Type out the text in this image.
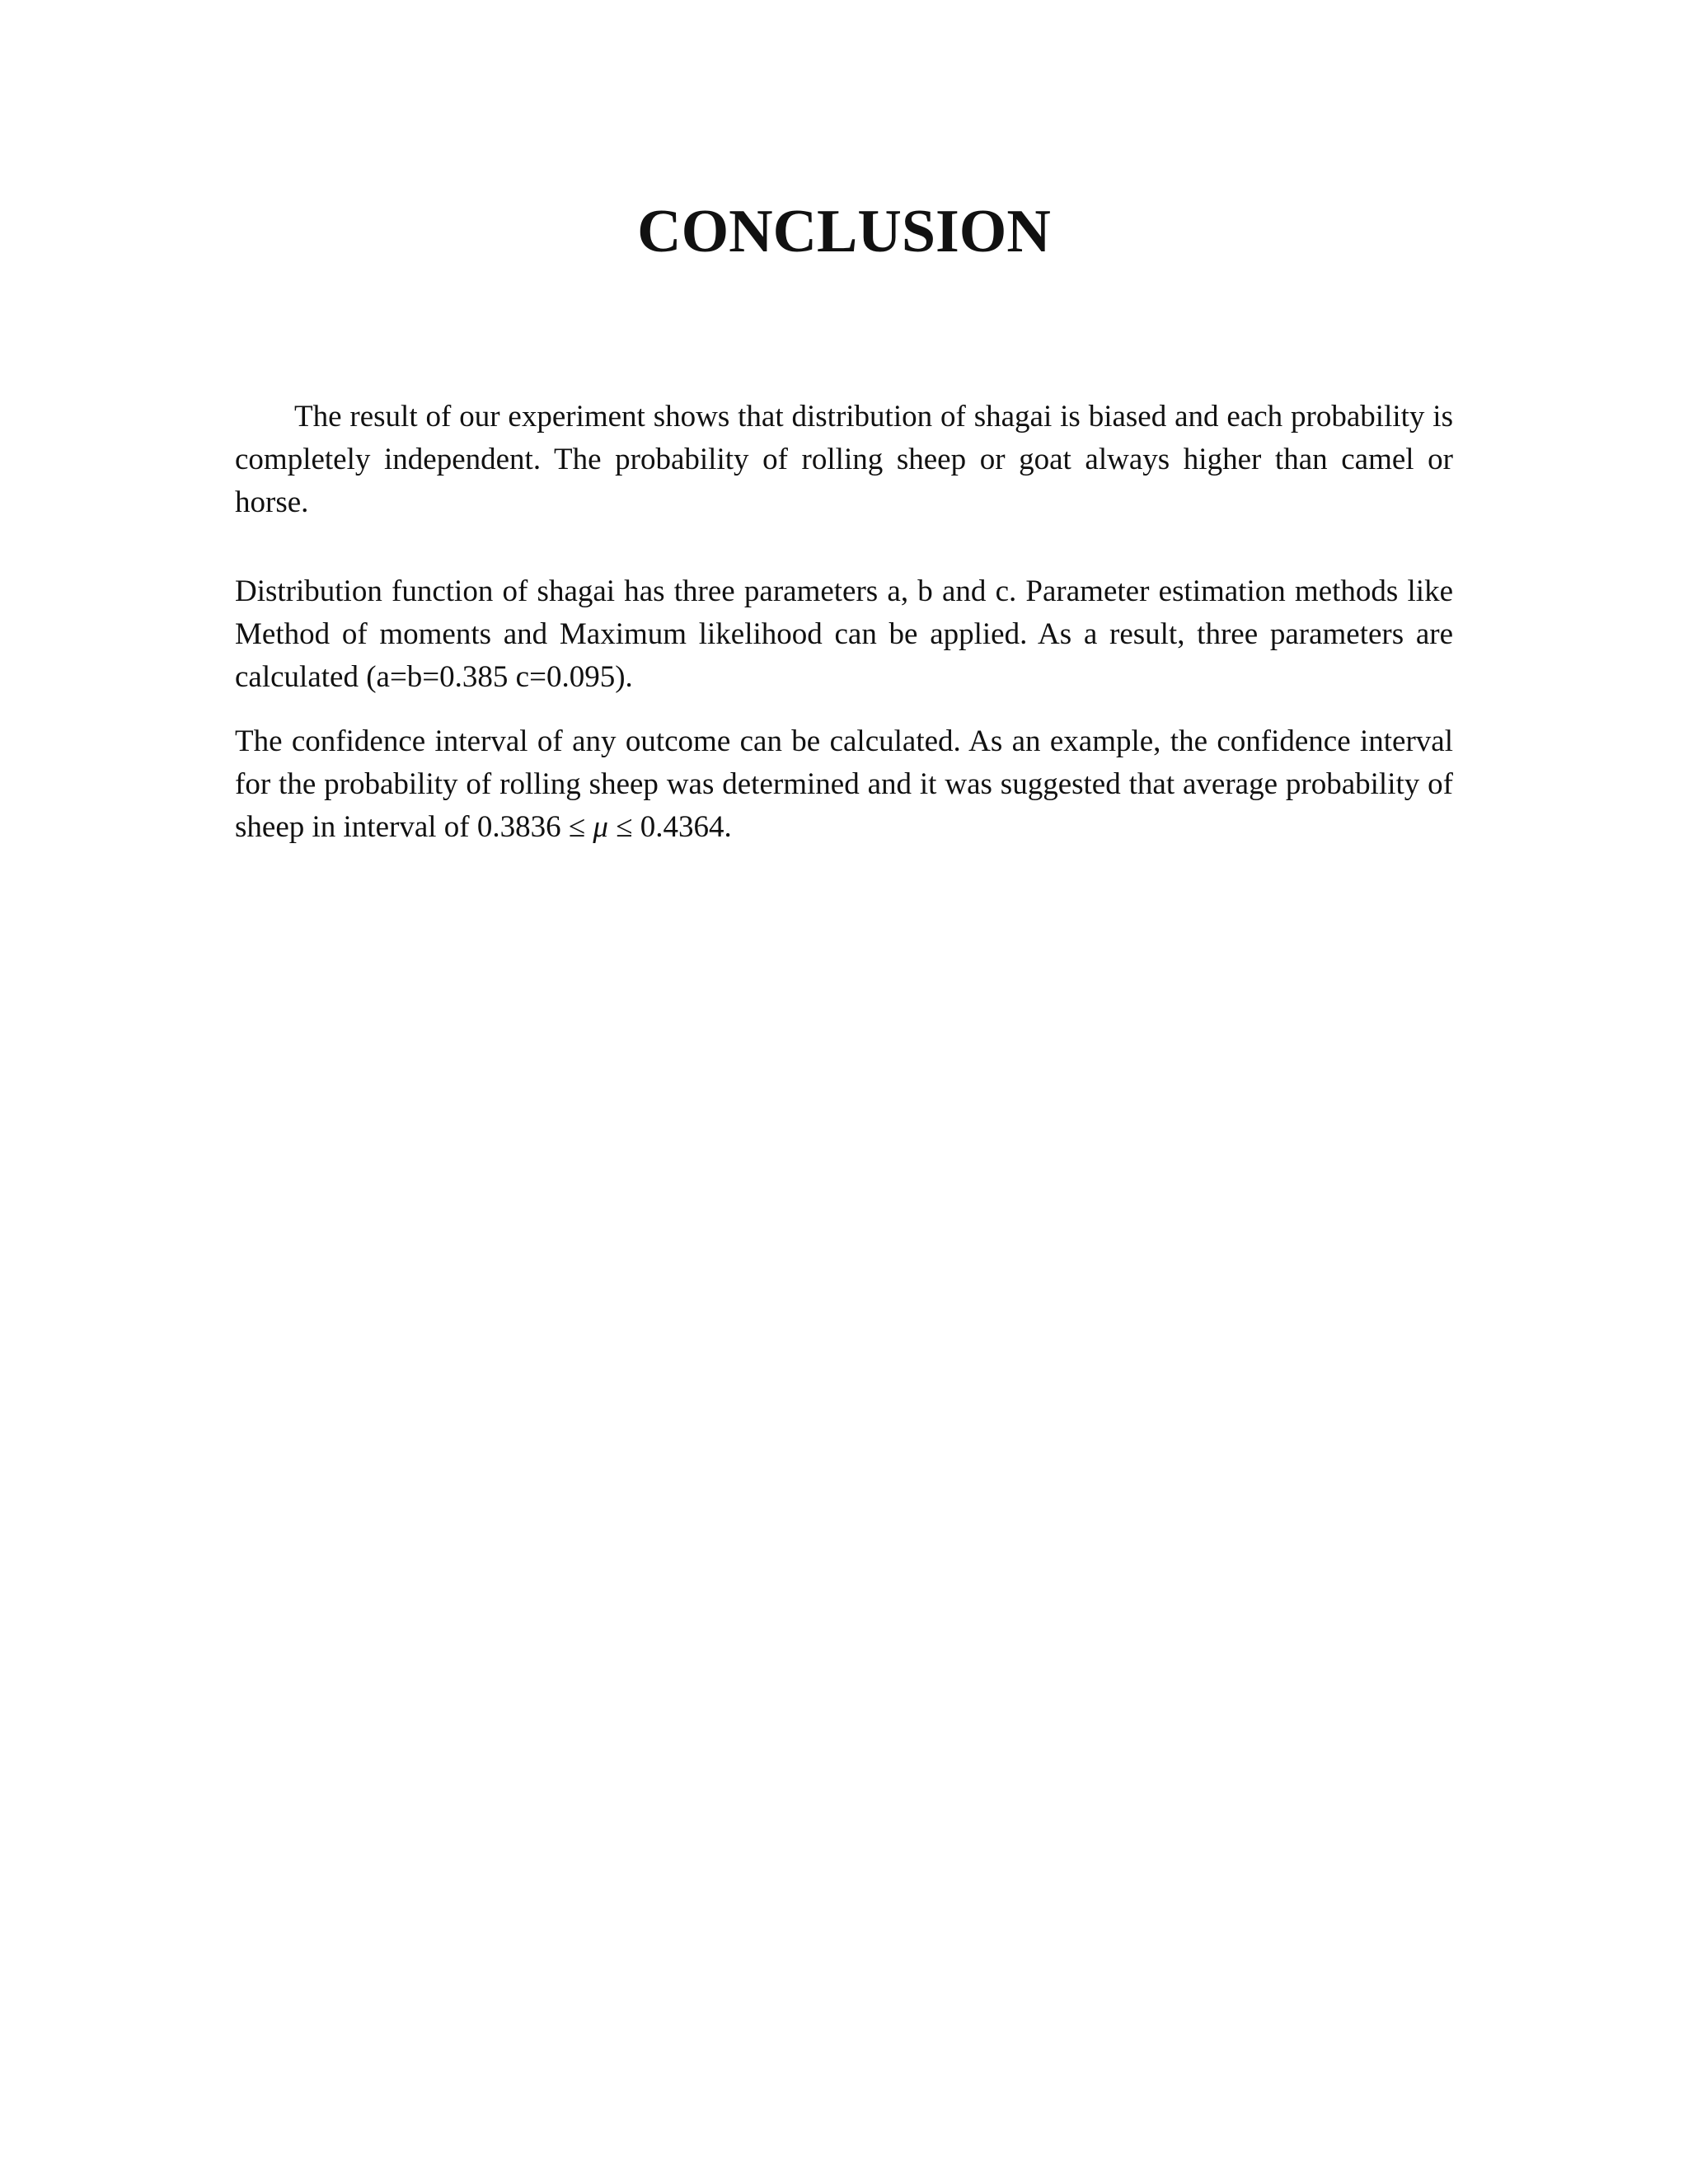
CONCLUSION

The result of our experiment shows that distribution of shagai is biased and each probability is completely independent. The probability of rolling sheep or goat always higher than camel or horse.

Distribution function of shagai has three parameters a, b and c. Parameter estimation methods like Method of moments and Maximum likelihood can be applied. As a result, three parameters are calculated (a=b=0.385 c=0.095).

The confidence interval of any outcome can be calculated. As an example, the confidence interval for the probability of rolling sheep was determined and it was suggested that average probability of sheep in interval of 0.3836 ≤ μ ≤ 0.4364.
